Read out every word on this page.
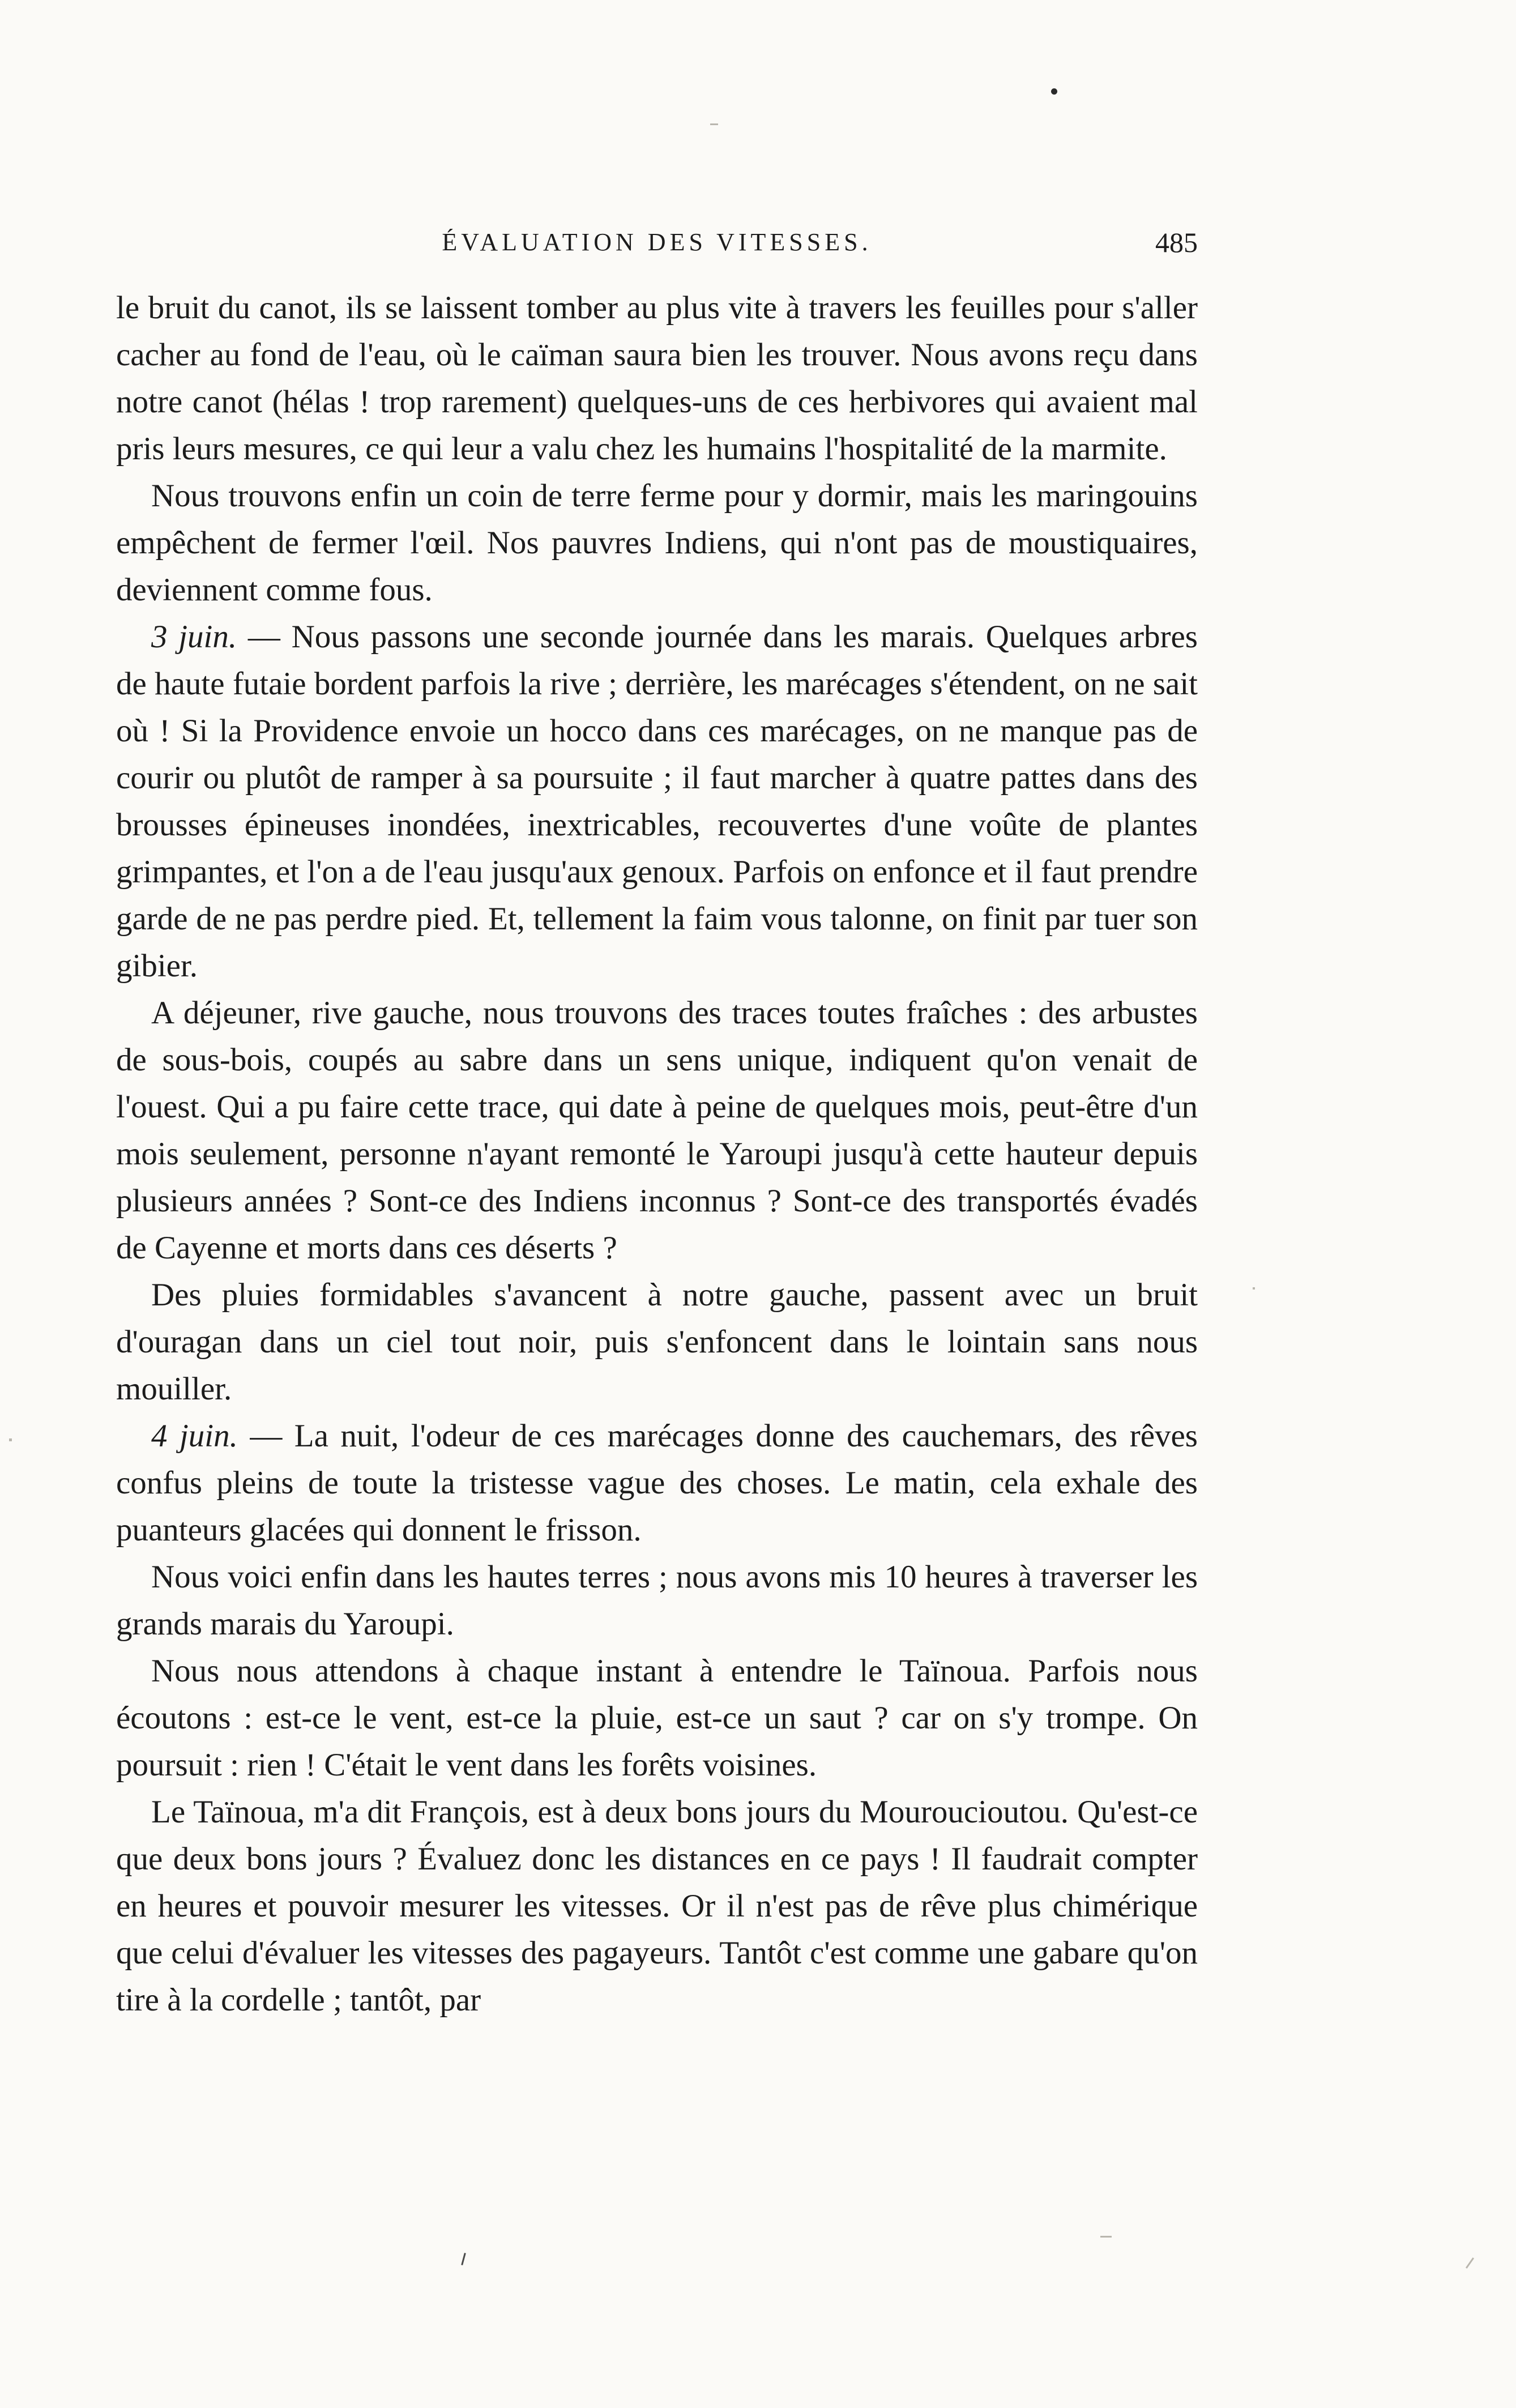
ÉVALUATION DES VITESSES.	485

le bruit du canot, ils se laissent tomber au plus vite à travers les feuilles pour s'aller cacher au fond de l'eau, où le caïman saura bien les trouver. Nous avons reçu dans notre canot (hélas ! trop rarement) quelques-uns de ces herbivores qui avaient mal pris leurs mesures, ce qui leur a valu chez les humains l'hospitalité de la marmite.

Nous trouvons enfin un coin de terre ferme pour y dormir, mais les maringouins empêchent de fermer l'œil. Nos pauvres Indiens, qui n'ont pas de moustiquaires, deviennent comme fous.

3 juin. — Nous passons une seconde journée dans les marais. Quelques arbres de haute futaie bordent parfois la rive ; derrière, les marécages s'étendent, on ne sait où ! Si la Providence envoie un hocco dans ces marécages, on ne manque pas de courir ou plutôt de ramper à sa poursuite ; il faut marcher à quatre pattes dans des brousses épineuses inondées, inextricables, recouvertes d'une voûte de plantes grimpantes, et l'on a de l'eau jusqu'aux genoux. Parfois on enfonce et il faut prendre garde de ne pas perdre pied. Et, tellement la faim vous talonne, on finit par tuer son gibier.

A déjeuner, rive gauche, nous trouvons des traces toutes fraîches : des arbustes de sous-bois, coupés au sabre dans un sens unique, indiquent qu'on venait de l'ouest. Qui a pu faire cette trace, qui date à peine de quelques mois, peut-être d'un mois seulement, personne n'ayant remonté le Yaroupi jusqu'à cette hauteur depuis plusieurs années ? Sont-ce des Indiens inconnus ? Sont-ce des transportés évadés de Cayenne et morts dans ces déserts ?

Des pluies formidables s'avancent à notre gauche, passent avec un bruit d'ouragan dans un ciel tout noir, puis s'enfoncent dans le lointain sans nous mouiller.

4 juin. — La nuit, l'odeur de ces marécages donne des cauchemars, des rêves confus pleins de toute la tristesse vague des choses. Le matin, cela exhale des puanteurs glacées qui donnent le frisson.

Nous voici enfin dans les hautes terres ; nous avons mis 10 heures à traverser les grands marais du Yaroupi.

Nous nous attendons à chaque instant à entendre le Taïnoua. Parfois nous écoutons : est-ce le vent, est-ce la pluie, est-ce un saut ? car on s'y trompe. On poursuit : rien ! C'était le vent dans les forêts voisines.

Le Taïnoua, m'a dit François, est à deux bons jours du Mouroucioutou. Qu'est-ce que deux bons jours ? Évaluez donc les distances en ce pays ! Il faudrait compter en heures et pouvoir mesurer les vitesses. Or il n'est pas de rêve plus chimérique que celui d'évaluer les vitesses des pagayeurs. Tantôt c'est comme une gabare qu'on tire à la cordelle ; tantôt, par
